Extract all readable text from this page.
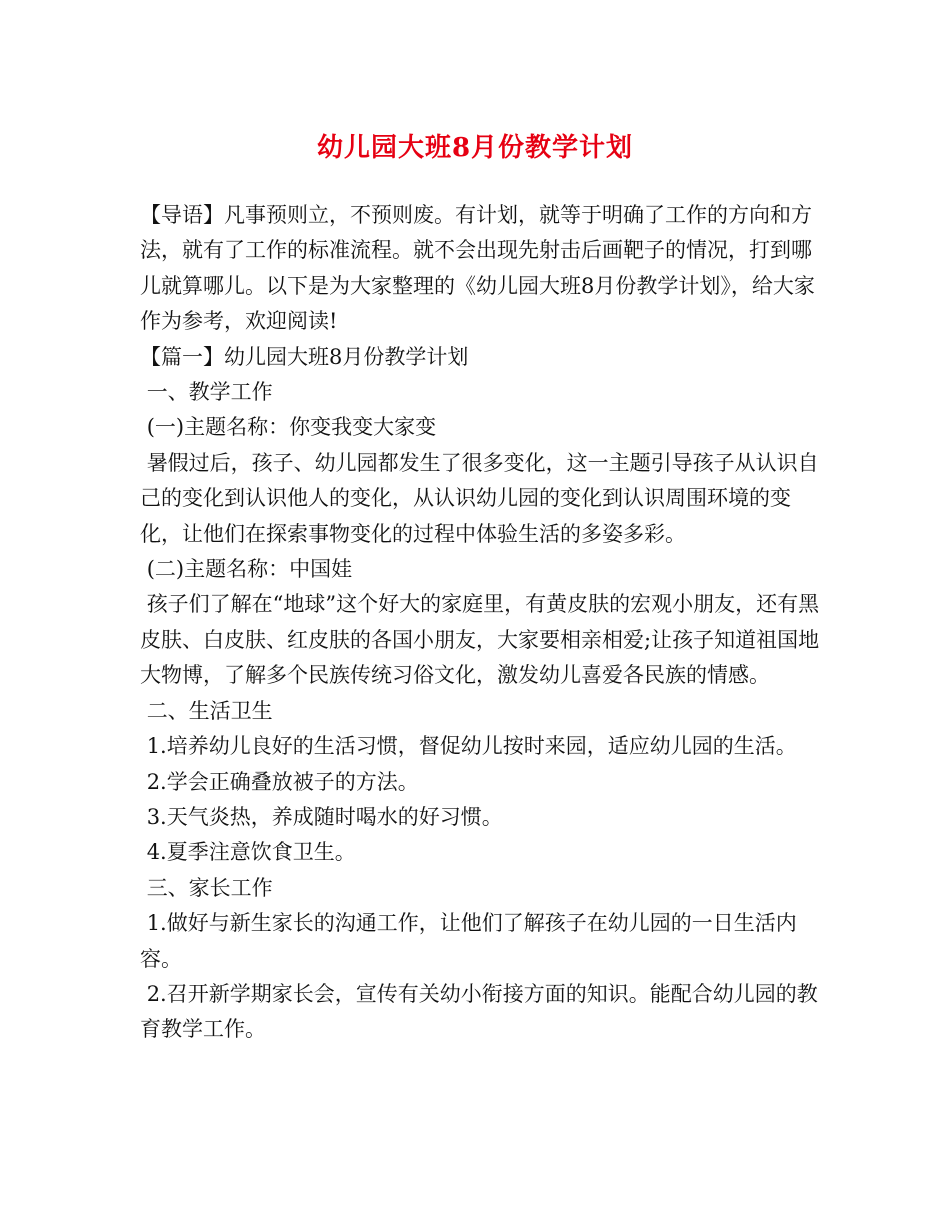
幼儿园大班8月份教学计划

【导语】凡事预则立，不预则废。有计划，就等于明确了工作的方向和方法，就有了工作的标准流程。就不会出现先射击后画靶子的情况，打到哪儿就算哪儿。以下是为大家整理的《幼儿园大班8月份教学计划》，给大家作为参考，欢迎阅读!

【篇一】幼儿园大班8月份教学计划

一、教学工作

(一)主题名称：你变我变大家变

暑假过后，孩子、幼儿园都发生了很多变化，这一主题引导孩子从认识自己的变化到认识他人的变化，从认识幼儿园的变化到认识周围环境的变化，让他们在探索事物变化的过程中体验生活的多姿多彩。

(二)主题名称：中国娃

孩子们了解在“地球”这个好大的家庭里，有黄皮肤的宏观小朋友，还有黑皮肤、白皮肤、红皮肤的各国小朋友，大家要相亲相爱;让孩子知道祖国地大物博，了解多个民族传统习俗文化，激发幼儿喜爱各民族的情感。

二、生活卫生

1.培养幼儿良好的生活习惯，督促幼儿按时来园，适应幼儿园的生活。

2.学会正确叠放被子的方法。

3.天气炎热，养成随时喝水的好习惯。

4.夏季注意饮食卫生。

三、家长工作

1.做好与新生家长的沟通工作，让他们了解孩子在幼儿园的一日生活内容。

2.召开新学期家长会，宣传有关幼小衔接方面的知识。能配合幼儿园的教育教学工作。
